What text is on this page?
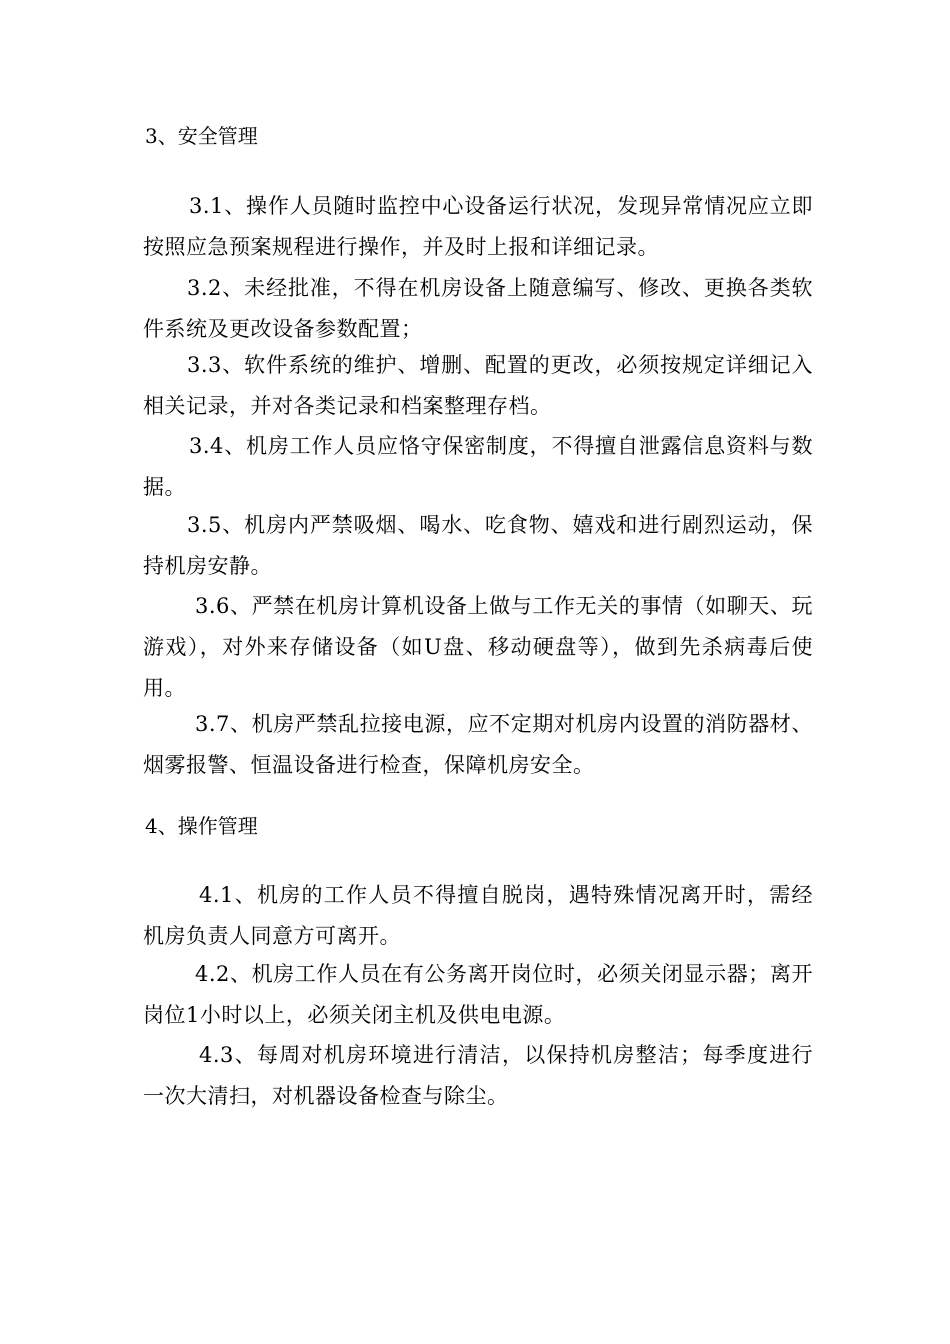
3、安全管理
3.1、操作人员随时监控中心设备运行状况，发现异常情况应立即按照应急预案规程进行操作，并及时上报和详细记录。
3.2、未经批准，不得在机房设备上随意编写、修改、更换各类软件系统及更改设备参数配置；
3.3、软件系统的维护、增删、配置的更改，必须按规定详细记入相关记录，并对各类记录和档案整理存档。
3.4、机房工作人员应恪守保密制度，不得擅自泄露信息资料与数据。
3.5、机房内严禁吸烟、喝水、吃食物、嬉戏和进行剧烈运动，保持机房安静。
3.6、严禁在机房计算机设备上做与工作无关的事情（如聊天、玩游戏），对外来存储设备（如U盘、移动硬盘等），做到先杀病毒后使用。
3.7、机房严禁乱拉接电源，应不定期对机房内设置的消防器材、烟雾报警、恒温设备进行检查，保障机房安全。
4、操作管理
4.1、机房的工作人员不得擅自脱岗，遇特殊情况离开时，需经机房负责人同意方可离开。
4.2、机房工作人员在有公务离开岗位时，必须关闭显示器；离开岗位1小时以上，必须关闭主机及供电电源。
4.3、每周对机房环境进行清洁，以保持机房整洁；每季度进行一次大清扫，对机器设备检查与除尘。
